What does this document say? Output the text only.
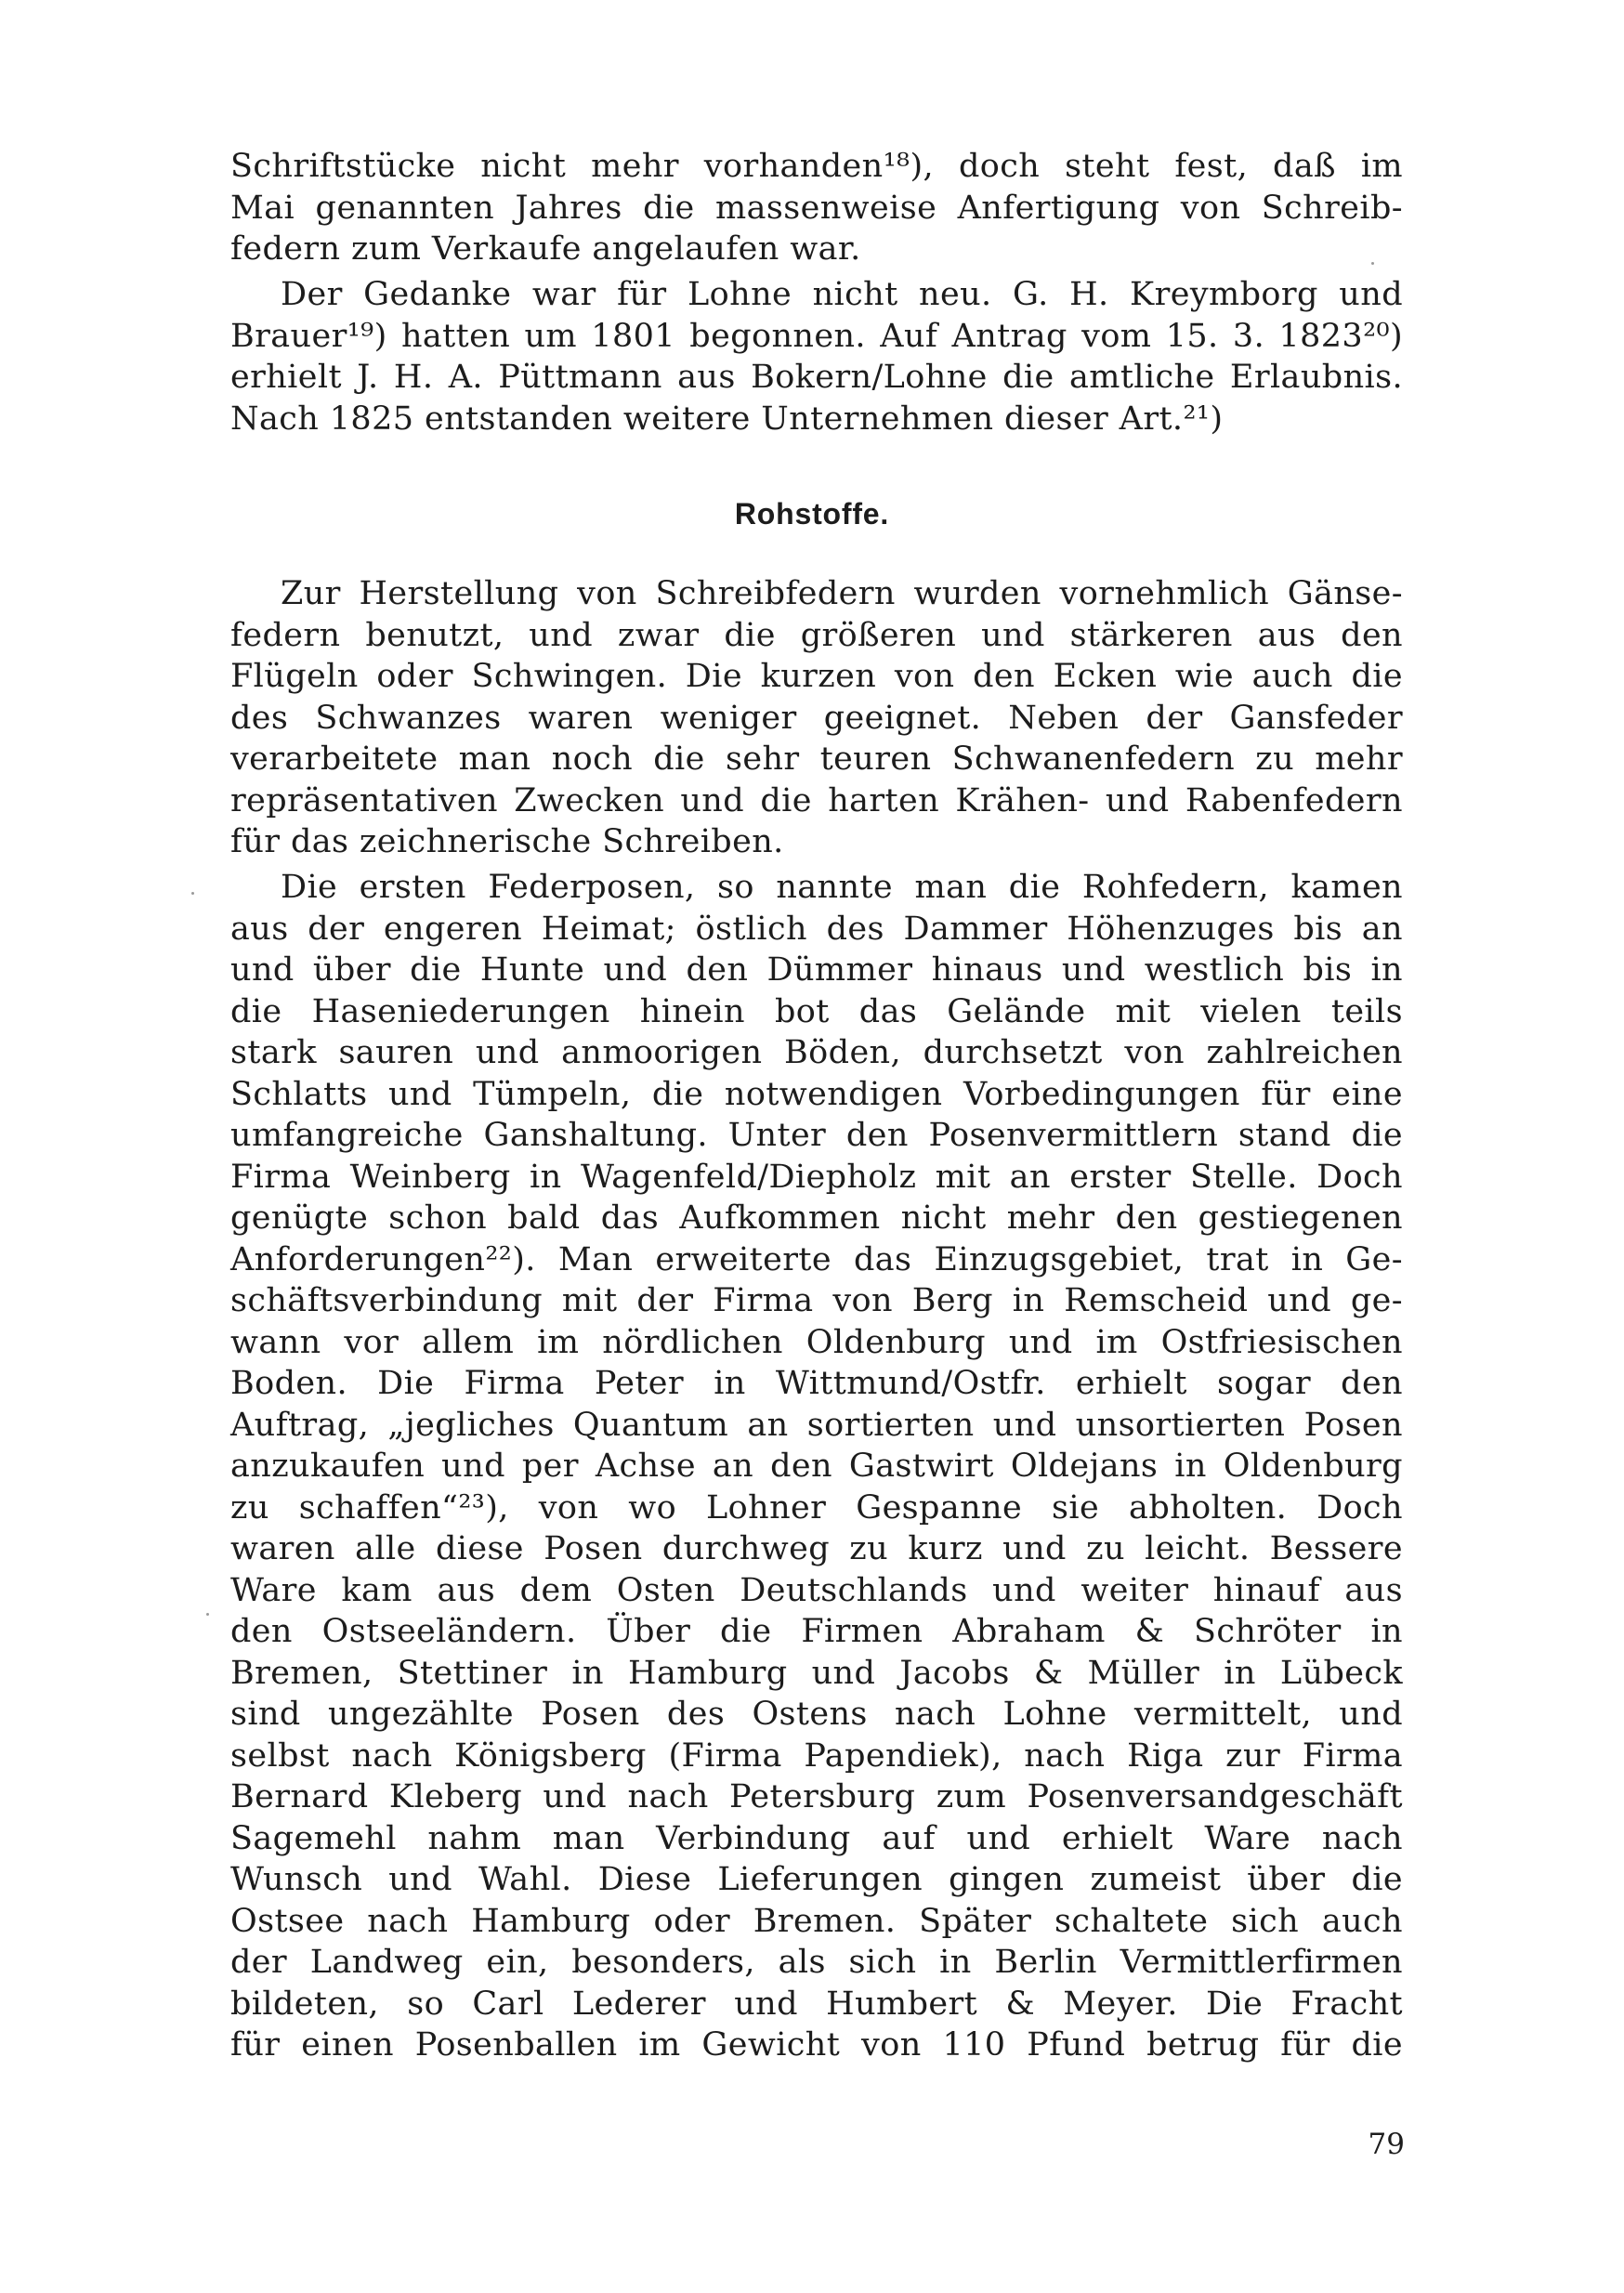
Schriftstücke nicht mehr vorhanden¹⁸), doch steht fest, daß im
Mai genannten Jahres die massenweise Anfertigung von Schreib-
federn zum Verkaufe angelaufen war.
Der Gedanke war für Lohne nicht neu. G. H. Kreymborg und
Brauer¹⁹) hatten um 1801 begonnen. Auf Antrag vom 15. 3. 1823²⁰)
erhielt J. H. A. Püttmann aus Bokern/Lohne die amtliche Erlaubnis.
Nach 1825 entstanden weitere Unternehmen dieser Art.²¹)
Rohstoffe.
Zur Herstellung von Schreibfedern wurden vornehmlich Gänse-
federn benutzt, und zwar die größeren und stärkeren aus den
Flügeln oder Schwingen. Die kurzen von den Ecken wie auch die
des Schwanzes waren weniger geeignet. Neben der Gansfeder
verarbeitete man noch die sehr teuren Schwanenfedern zu mehr
repräsentativen Zwecken und die harten Krähen- und Rabenfedern
für das zeichnerische Schreiben.
Die ersten Federposen, so nannte man die Rohfedern, kamen
aus der engeren Heimat; östlich des Dammer Höhenzuges bis an
und über die Hunte und den Dümmer hinaus und westlich bis in
die Haseniederungen hinein bot das Gelände mit vielen teils
stark sauren und anmoorigen Böden, durchsetzt von zahlreichen
Schlatts und Tümpeln, die notwendigen Vorbedingungen für eine
umfangreiche Ganshaltung. Unter den Posenvermittlern stand die
Firma Weinberg in Wagenfeld/Diepholz mit an erster Stelle. Doch
genügte schon bald das Aufkommen nicht mehr den gestiegenen
Anforderungen²²). Man erweiterte das Einzugsgebiet, trat in Ge-
schäftsverbindung mit der Firma von Berg in Remscheid und ge-
wann vor allem im nördlichen Oldenburg und im Ostfriesischen
Boden. Die Firma Peter in Wittmund/Ostfr. erhielt sogar den
Auftrag, „jegliches Quantum an sortierten und unsortierten Posen
anzukaufen und per Achse an den Gastwirt Oldejans in Oldenburg
zu schaffen“²³), von wo Lohner Gespanne sie abholten. Doch
waren alle diese Posen durchweg zu kurz und zu leicht. Bessere
Ware kam aus dem Osten Deutschlands und weiter hinauf aus
den Ostseeländern. Über die Firmen Abraham & Schröter in
Bremen, Stettiner in Hamburg und Jacobs & Müller in Lübeck
sind ungezählte Posen des Ostens nach Lohne vermittelt, und
selbst nach Königsberg (Firma Papendiek), nach Riga zur Firma
Bernard Kleberg und nach Petersburg zum Posenversandgeschäft
Sagemehl nahm man Verbindung auf und erhielt Ware nach
Wunsch und Wahl. Diese Lieferungen gingen zumeist über die
Ostsee nach Hamburg oder Bremen. Später schaltete sich auch
der Landweg ein, besonders, als sich in Berlin Vermittlerfirmen
bildeten, so Carl Lederer und Humbert & Meyer. Die Fracht
für einen Posenballen im Gewicht von 110 Pfund betrug für die
79
